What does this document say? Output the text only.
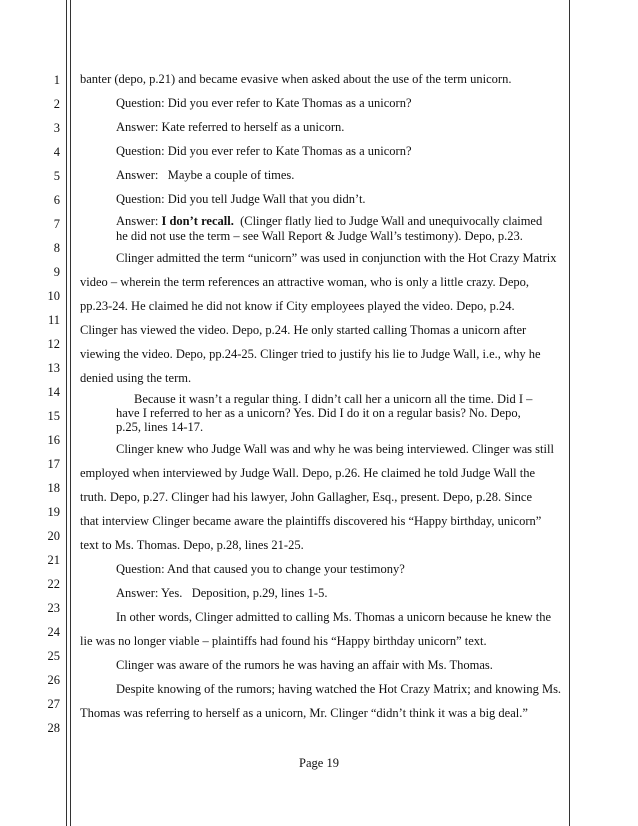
1
2
3
4
5
6
7
8
9
10
11
12
13
14
15
16
17
18
19
20
21
22
23
24
25
26
27
28
banter (depo, p.21) and became evasive when asked about the use of the term unicorn.
Question: Did you ever refer to Kate Thomas as a unicorn?
Answer: Kate referred to herself as a unicorn.
Question: Did you ever refer to Kate Thomas as a unicorn?
Answer:   Maybe a couple of times.
Question: Did you tell Judge Wall that you didn’t.
Answer: I don’t recall.  (Clinger flatly lied to Judge Wall and unequivocally claimed
he did not use the term – see Wall Report & Judge Wall’s testimony). Depo, p.23.
Clinger admitted the term “unicorn” was used in conjunction with the Hot Crazy Matrix
video – wherein the term references an attractive woman, who is only a little crazy. Depo,
pp.23-24. He claimed he did not know if City employees played the video. Depo, p.24.
Clinger has viewed the video. Depo, p.24. He only started calling Thomas a unicorn after
viewing the video. Depo, pp.24-25. Clinger tried to justify his lie to Judge Wall, i.e., why he
denied using the term.
Because it wasn’t a regular thing. I didn’t call her a unicorn all the time. Did I –
have I referred to her as a unicorn? Yes. Did I do it on a regular basis? No. Depo,
p.25, lines 14-17.
Clinger knew who Judge Wall was and why he was being interviewed. Clinger was still
employed when interviewed by Judge Wall. Depo, p.26. He claimed he told Judge Wall the
truth. Depo, p.27. Clinger had his lawyer, John Gallagher, Esq., present. Depo, p.28. Since
that interview Clinger became aware the plaintiffs discovered his “Happy birthday, unicorn”
text to Ms. Thomas. Depo, p.28, lines 21-25.
Question: And that caused you to change your testimony?
Answer: Yes.   Deposition, p.29, lines 1-5.
In other words, Clinger admitted to calling Ms. Thomas a unicorn because he knew the
lie was no longer viable – plaintiffs had found his “Happy birthday unicorn” text.
Clinger was aware of the rumors he was having an affair with Ms. Thomas.
Despite knowing of the rumors; having watched the Hot Crazy Matrix; and knowing Ms.
Thomas was referring to herself as a unicorn, Mr. Clinger “didn’t think it was a big deal.”
Page 19
